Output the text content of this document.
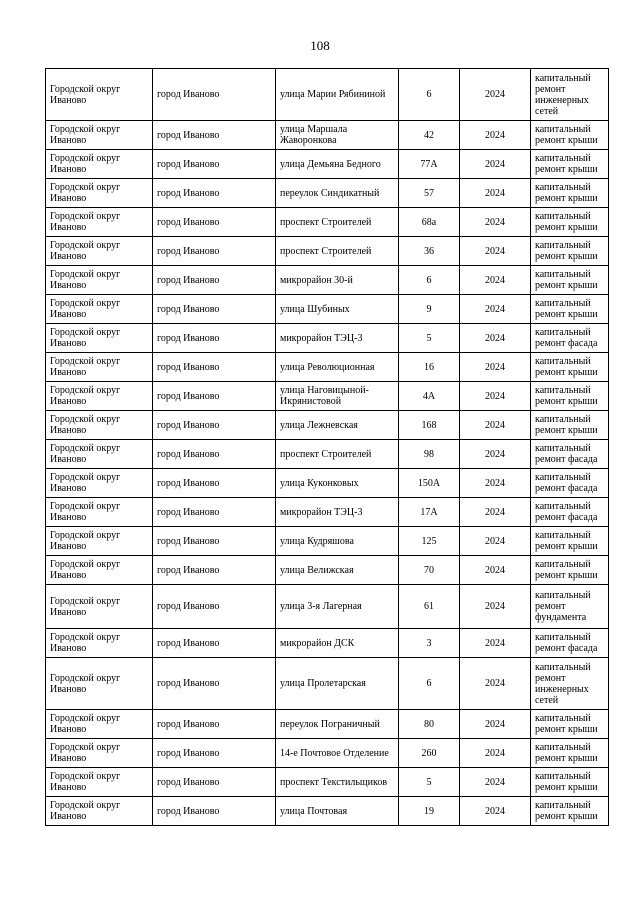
108
Городской округ Иваново	город Иваново	улица Марии Рябининой	6	2024	капитальный ремонт инженерных сетей
Городской округ Иваново	город Иваново	улица Маршала Жаворонкова	42	2024	капитальный ремонт крыши
Городской округ Иваново	город Иваново	улица Демьяна Бедного	77А	2024	капитальный ремонт крыши
Городской округ Иваново	город Иваново	переулок Синдикатный	57	2024	капитальный ремонт крыши
Городской округ Иваново	город Иваново	проспект Строителей	68а	2024	капитальный ремонт крыши
Городской округ Иваново	город Иваново	проспект Строителей	36	2024	капитальный ремонт крыши
Городской округ Иваново	город Иваново	микрорайон 30-й	6	2024	капитальный ремонт крыши
Городской округ Иваново	город Иваново	улица Шубиных	9	2024	капитальный ремонт крыши
Городской округ Иваново	город Иваново	микрорайон ТЭЦ-3	5	2024	капитальный ремонт фасада
Городской округ Иваново	город Иваново	улица Революционная	16	2024	капитальный ремонт крыши
Городской округ Иваново	город Иваново	улица Наговицыной-Икрянистовой	4А	2024	капитальный ремонт крыши
Городской округ Иваново	город Иваново	улица Лежневская	168	2024	капитальный ремонт крыши
Городской округ Иваново	город Иваново	проспект Строителей	98	2024	капитальный ремонт фасада
Городской округ Иваново	город Иваново	улица Куконковых	150А	2024	капитальный ремонт фасада
Городской округ Иваново	город Иваново	микрорайон ТЭЦ-3	17А	2024	капитальный ремонт фасада
Городской округ Иваново	город Иваново	улица Кудряшова	125	2024	капитальный ремонт крыши
Городской округ Иваново	город Иваново	улица Велижская	70	2024	капитальный ремонт крыши
Городской округ Иваново	город Иваново	улица 3-я Лагерная	61	2024	капитальный ремонт фундамента
Городской округ Иваново	город Иваново	микрорайон ДСК	3	2024	капитальный ремонт фасада
Городской округ Иваново	город Иваново	улица Пролетарская	6	2024	капитальный ремонт инженерных сетей
Городской округ Иваново	город Иваново	переулок Пограничный	80	2024	капитальный ремонт крыши
Городской округ Иваново	город Иваново	14-е Почтовое Отделение	260	2024	капитальный ремонт крыши
Городской округ Иваново	город Иваново	проспект Текстильщиков	5	2024	капитальный ремонт крыши
Городской округ Иваново	город Иваново	улица Почтовая	19	2024	капитальный ремонт крыши
